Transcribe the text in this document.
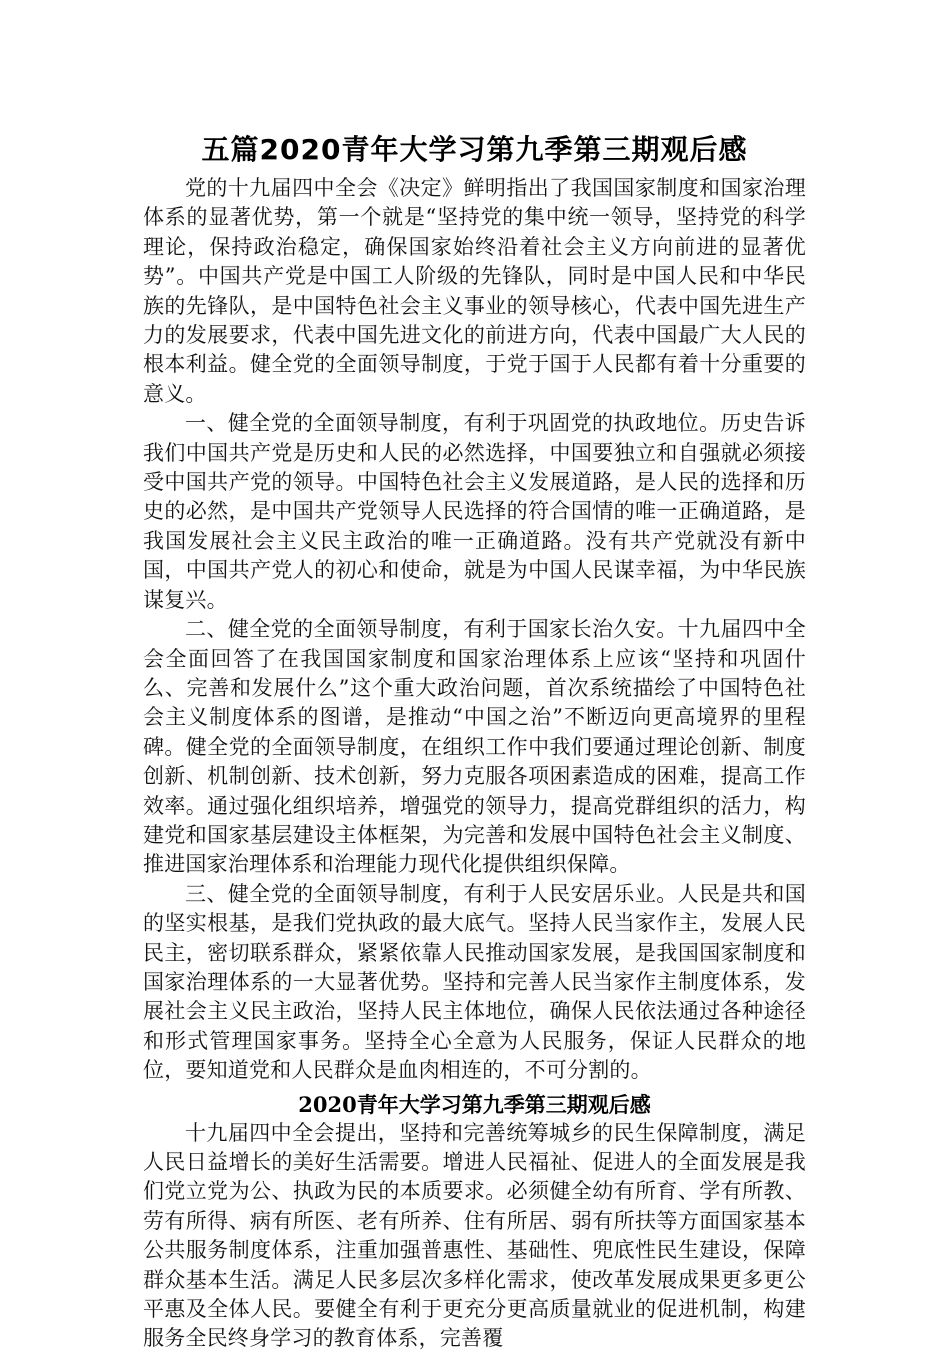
五篇2020青年大学习第九季第三期观后感

党的十九届四中全会《决定》鲜明指出了我国国家制度和国家治理体系的显著优势，第一个就是“坚持党的集中统一领导，坚持党的科学理论，保持政治稳定，确保国家始终沿着社会主义方向前进的显著优势”。中国共产党是中国工人阶级的先锋队，同时是中国人民和中华民族的先锋队，是中国特色社会主义事业的领导核心，代表中国先进生产力的发展要求，代表中国先进文化的前进方向，代表中国最广大人民的根本利益。健全党的全面领导制度，于党于国于人民都有着十分重要的意义。

一、健全党的全面领导制度，有利于巩固党的执政地位。历史告诉我们中国共产党是历史和人民的必然选择，中国要独立和自强就必须接受中国共产党的领导。中国特色社会主义发展道路，是人民的选择和历史的必然，是中国共产党领导人民选择的符合国情的唯一正确道路，是我国发展社会主义民主政治的唯一正确道路。没有共产党就没有新中国，中国共产党人的初心和使命，就是为中国人民谋幸福，为中华民族谋复兴。

二、健全党的全面领导制度，有利于国家长治久安。十九届四中全会全面回答了在我国国家制度和国家治理体系上应该“坚持和巩固什么、完善和发展什么”这个重大政治问题，首次系统描绘了中国特色社会主义制度体系的图谱，是推动“中国之治”不断迈向更高境界的里程碑。健全党的全面领导制度，在组织工作中我们要通过理论创新、制度创新、机制创新、技术创新，努力克服各项困素造成的困难，提高工作效率。通过强化组织培养，增强党的领导力，提高党群组织的活力，构建党和国家基层建设主体框架，为完善和发展中国特色社会主义制度、推进国家治理体系和治理能力现代化提供组织保障。

三、健全党的全面领导制度，有利于人民安居乐业。人民是共和国的坚实根基，是我们党执政的最大底气。坚持人民当家作主，发展人民民主，密切联系群众，紧紧依靠人民推动国家发展，是我国国家制度和国家治理体系的一大显著优势。坚持和完善人民当家作主制度体系，发展社会主义民主政治，坚持人民主体地位，确保人民依法通过各种途径和形式管理国家事务。坚持全心全意为人民服务，保证人民群众的地位，要知道党和人民群众是血肉相连的，不可分割的。

2020青年大学习第九季第三期观后感

十九届四中全会提出，坚持和完善统筹城乡的民生保障制度，满足人民日益增长的美好生活需要。增进人民福祉、促进人的全面发展是我们党立党为公、执政为民的本质要求。必须健全幼有所育、学有所教、劳有所得、病有所医、老有所养、住有所居、弱有所扶等方面国家基本公共服务制度体系，注重加强普惠性、基础性、兜底性民生建设，保障群众基本生活。满足人民多层次多样化需求，使改革发展成果更多更公平惠及全体人民。要健全有利于更充分更高质量就业的促进机制，构建服务全民终身学习的教育体系，完善覆
